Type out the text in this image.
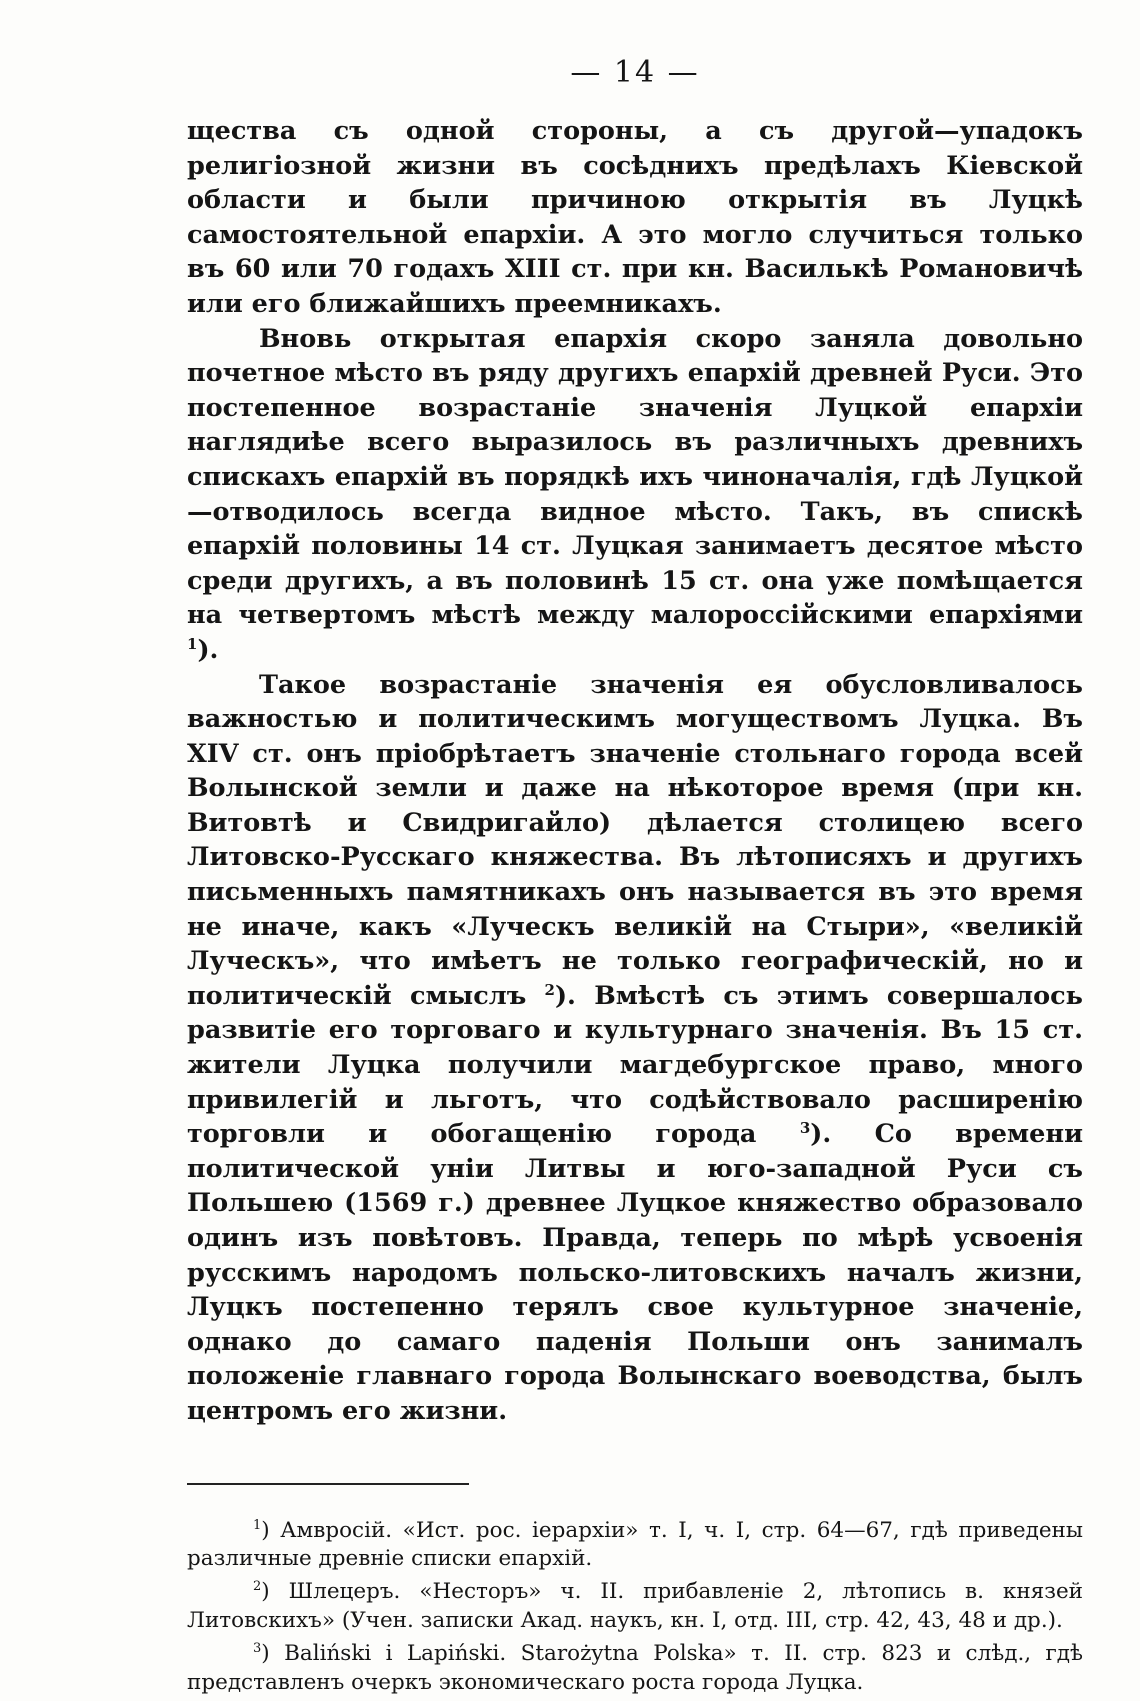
— 14 —

щества съ одной стороны, а съ другой—упадокъ религіозной жизни въ сосѣднихъ предѣлахъ Кіевской области и были причиною открытія въ Луцкѣ самостоятельной епархіи. А это могло случиться только въ 60 или 70 годахъ XIII ст. при кн. Василькѣ Романовичѣ или его ближайшихъ преемникахъ.

Вновь открытая епархія скоро заняла довольно почетное мѣсто въ ряду другихъ епархій древней Руси. Это постепенное возрастаніе значенія Луцкой епархіи наглядиѣе всего выразилось въ различныхъ древнихъ спискахъ епархій въ порядкѣ ихъ чиноначалія, гдѣ Луцкой—отводилось всегда видное мѣсто. Такъ, въ спискѣ епархій половины 14 ст. Луцкая занимаетъ десятое мѣсто среди другихъ, а въ половинѣ 15 ст. она уже помѣщается на четвертомъ мѣстѣ между малороссійскими епархіями $^1$).

Такое возрастаніе значенія ея обусловливалось важностью и политическимъ могуществомъ Луцка. Въ XIV ст. онъ пріобрѣтаетъ значеніе стольнаго города всей Волынской земли и даже на нѣкоторое время (при кн. Витовтѣ и Свидригайло) дѣлается столицею всего Литовско-Русскаго княжества. Въ лѣтописяхъ и другихъ письменныхъ памятникахъ онъ называется въ это время не иначе, какъ «Луческъ великій на Стыри», «великій Луческъ», что имѣетъ не только географическій, но и политическій смыслъ $^2$). Вмѣстѣ съ этимъ совершалось развитіе его торговаго и культурнаго значенія. Въ 15 ст. жители Луцка получили магдебургское право, много привилегій и льготъ, что содѣйствовало расширенію торговли и обогащенію города	$^3$). Со времени политической уніи Литвы и юго-западной Руси съ Польшею (1569 г.) древнее Луцкое княжество образовало одинъ изъ повѣтовъ. Правда, теперь по мѣрѣ усвоенія русскимъ народомъ польско-литовскихъ началъ жизни, Луцкъ постепенно терялъ свое культурное значеніе, однако до самаго паденія Польши онъ занималъ положеніе главнаго города Волынскаго воеводства, былъ центромъ его жизни.

$^1$) Амвросій. «Ист. рос. іерархіи» т. I, ч. I, стр. 64—67, гдѣ приведены различные древніе списки епархій.

$^2$) Шлецеръ. «Несторъ» ч. II. прибавленіе 2, лѣтопись в. князей Литовскихъ» (Учен. записки Акад. наукъ, кн. I, отд. III, стр. 42, 43, 48 и др.).

$^3$) Baliński i Lapiński. Starożytna Polska» т. II. стр. 823 и слѣд., гдѣ представленъ очеркъ экономическаго роста города Луцка.
